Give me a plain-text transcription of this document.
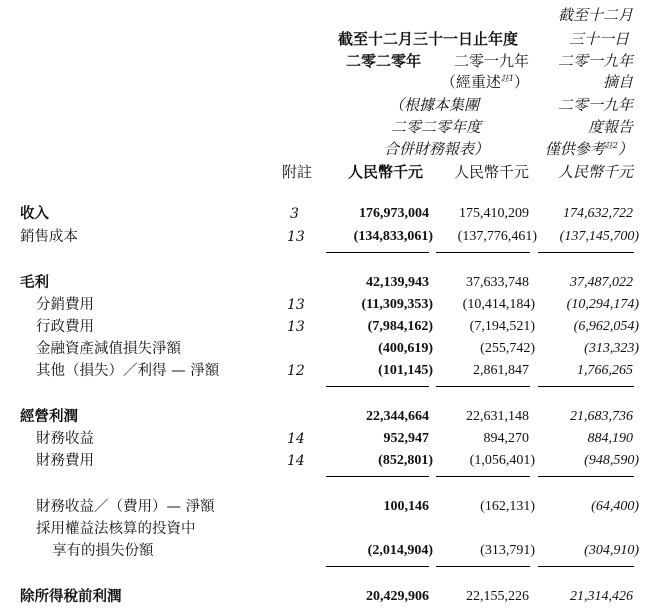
截至十二月
截至十二月三十一日止年度	三十一日
二零二零年 二零一九年 二零一九年
（經重述$^{註1}$）	摘自
（根據本集團	二零一九年
二零二零年度	度報告
合併財務報表）	僅供參考$^{註2}$）
附註 人民幣千元 人民幣千元 人民幣千元
收入	3	176,973,004 175,410,209 174,632,722
銷售成本	13	(134,833,061) (137,776,461) (137,145,700)
毛利	42,139,943	37,633,748	37,487,022
分銷費用	13	(11,309,353) (10,414,184) (10,294,174)
行政費用	13	(7,984,162)	(7,194,521)	(6,962,054)
金融資產減值損失淨額	(400,619)	(255,742)	(313,323)
其他（損失）／利得 — 淨額	12	(101,145)	2,861,847	1,766,265
經營利潤	22,344,664	22,631,148	21,683,736
財務收益	14	952,947	894,270	884,190
財務費用	14	(852,801)	(1,056,401)	(948,590)
財務收益／（費用）— 淨額	100,146	(162,131)	(64,400)
採用權益法核算的投資中
享有的損失份額	(2,014,904)	(313,791)	(304,910)
除所得稅前利潤	20,429,906	22,155,226	21,314,426
